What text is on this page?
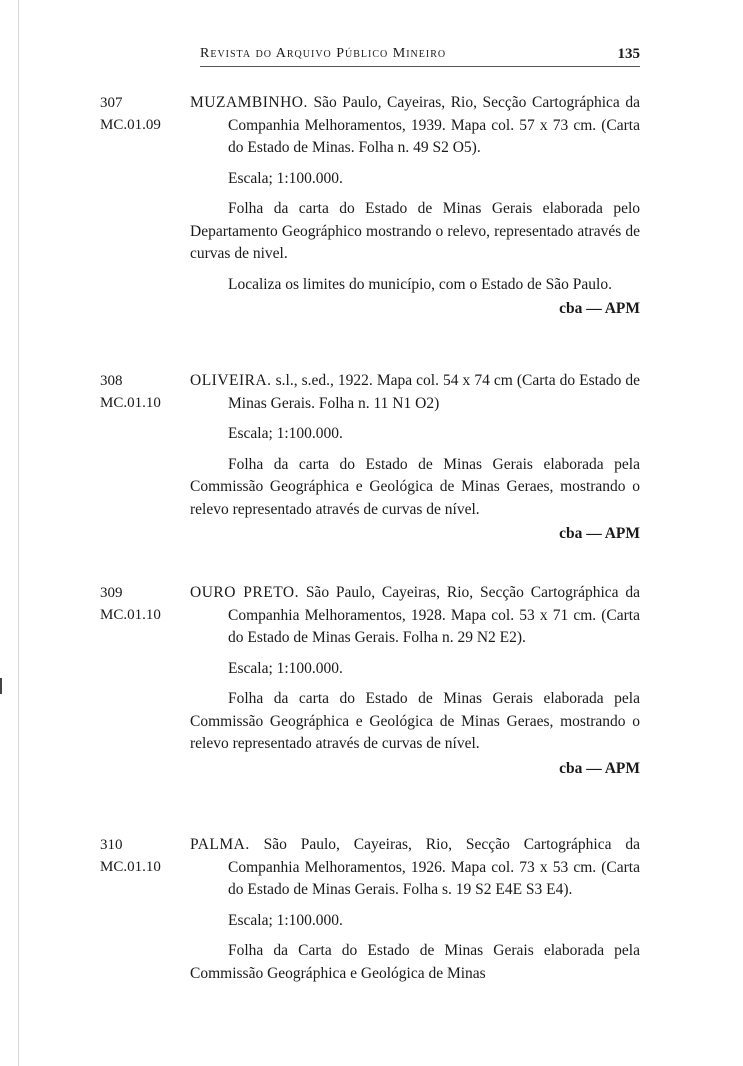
Revista do Arquivo Público Mineiro	135
307
MC.01.09

MUZAMBINHO. São Paulo, Cayeiras, Rio, Secção Cartográphica da Companhia Melhoramentos, 1939. Mapa col. 57 x 73 cm. (Carta do Estado de Minas. Folha n. 49 S2 O5).

Escala; 1:100.000.

Folha da carta do Estado de Minas Gerais elaborada pelo Departamento Geográphico mostrando o relevo, representado através de curvas de nivel.

Localiza os limites do município, com o Estado de São Paulo.

cba — APM
308
MC.01.10

OLIVEIRA. s.l., s.ed., 1922. Mapa col. 54 x 74 cm (Carta do Estado de Minas Gerais. Folha n. 11 N1 O2)

Escala; 1:100.000.

Folha da carta do Estado de Minas Gerais elaborada pela Commissão Geográphica e Geológica de Minas Geraes, mostrando o relevo representado através de curvas de nível.

cba — APM
309
MC.01.10

OURO PRETO. São Paulo, Cayeiras, Rio, Secção Cartográphica da Companhia Melhoramentos, 1928. Mapa col. 53 x 71 cm. (Carta do Estado de Minas Gerais. Folha n. 29 N2 E2).

Escala; 1:100.000.

Folha da carta do Estado de Minas Gerais elaborada pela Commissão Geográphica e Geológica de Minas Geraes, mostrando o relevo representado através de curvas de nível.

cba — APM
310
MC.01.10

PALMA. São Paulo, Cayeiras, Rio, Secção Cartográphica da Companhia Melhoramentos, 1926. Mapa col. 73 x 53 cm. (Carta do Estado de Minas Gerais. Folha s. 19 S2 E4E S3 E4).

Escala; 1:100.000.

Folha da Carta do Estado de Minas Gerais elaborada pela Commissão Geográphica e Geológica de Minas
